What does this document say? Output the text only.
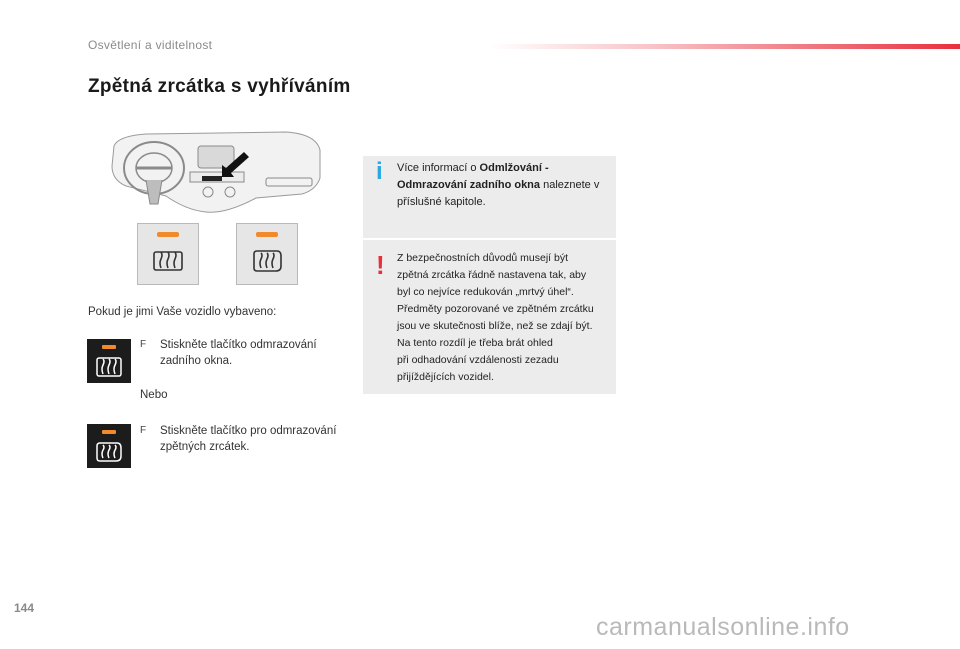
Osvětlení a viditelnost
Zpětná zrcátka s vyhříváním
Pokud je jimi Vaše vozidlo vybaveno:
F Stiskněte tlačítko odmrazování zadního okna.
Nebo
F Stiskněte tlačítko pro odmrazování zpětných zrcátek.
i Více informací o Odmlžování - Odmrazování zadního okna naleznete v příslušné kapitole.
! Z bezpečnostních důvodů musejí být
zpětná zrcátka řádně nastavena tak, aby
byl co nejvíce redukován „mrtvý úhel“.
Předměty pozorované ve zpětném zrcátku
jsou ve skutečnosti blíže, než se zdají být.
Na tento rozdíl je třeba brát ohled
při odhadování vzdálenosti zezadu
přijíždějících vozidel.
144
carmanualsonline.info
